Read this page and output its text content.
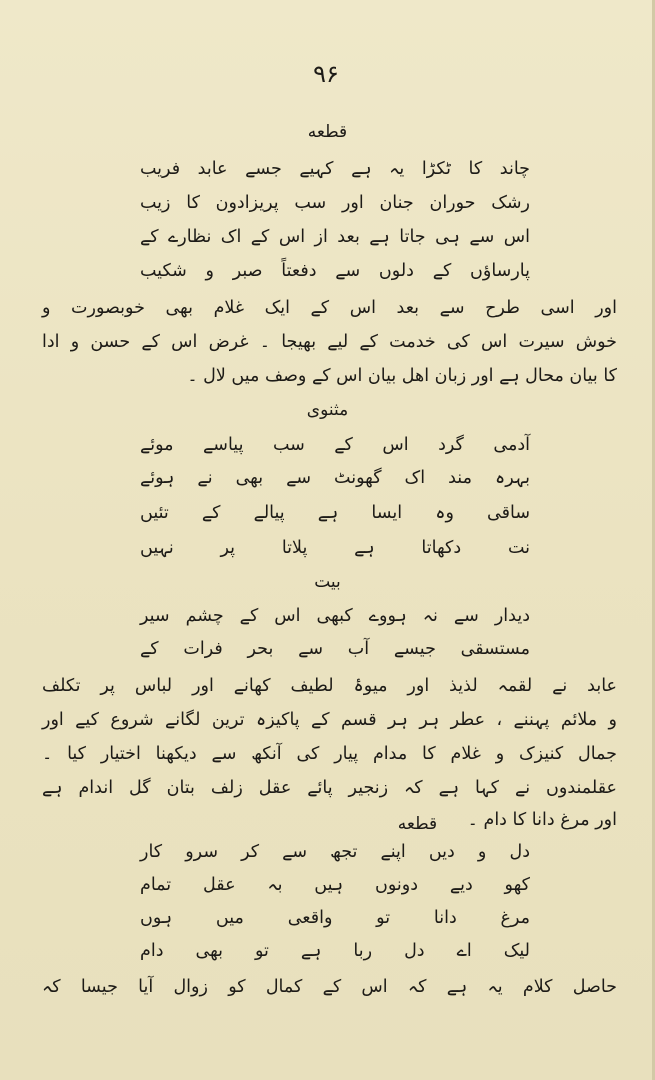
۹۶
قطعه
چاند کا ٹکڑا یہ ہے کہیے جسے عابد فریب
رشک حوران جنان اور سب پریزادون کا زیب
اس سے ہی جاتا ہے بعد از اس کے اک نظارے کے
پارساؤں کے دلوں سے دفعتاً صبر و شکیب
اور اسی طرح سے بعد اس کے ایک غلام بھی خوبصورت و
خوش سیرت اس کی خدمت کے لیے بھیجا ۔ غرض اس کے حسن و ادا
کا بیان محال ہے اور زبان اھل بیان اس کے وصف میں لال ۔
مثنوی
آدمی گرد اس کے سب پیاسے موئے
بہرہ مند اک گھونٹ سے بھی نے ہوئے
ساقی وہ ایسا ہے پیالے کے تئیں
نت دکھاتا ہے پلاتا پر نہیں
بیت
دیدار سے نہ ہووے کبھی اس کے چشم سیر
مستسقی جیسے آب سے بحر فرات کے
عابد نے لقمہ لذیذ اور میوۂ لطیف کھانے اور لباس پر تکلف
و ملائم پہننے ، عطر ہر ہر قسم کے پاکیزہ ترین لگانے شروع کیے اور
جمال کنیزک و غلام کا مدام پیار کی آنکھ سے دیکھنا اختیار کیا ۔
عقلمندوں نے کہا ہے کہ زنجیر پائے عقل زلف بتان گل اندام ہے
اور مرغ دانا کا دام ۔
قطعه
دل و دیں اپنے تجھ سے کر سرو کار
کھو دیے دونوں ہیں بہ عقل تمام
مرغ دانا تو واقعی میں ہوں
لیک اے دل ربا ہے تو بھی دام
حاصل کلام یہ ہے کہ اس کے کمال کو زوال آیا جیسا کہ
